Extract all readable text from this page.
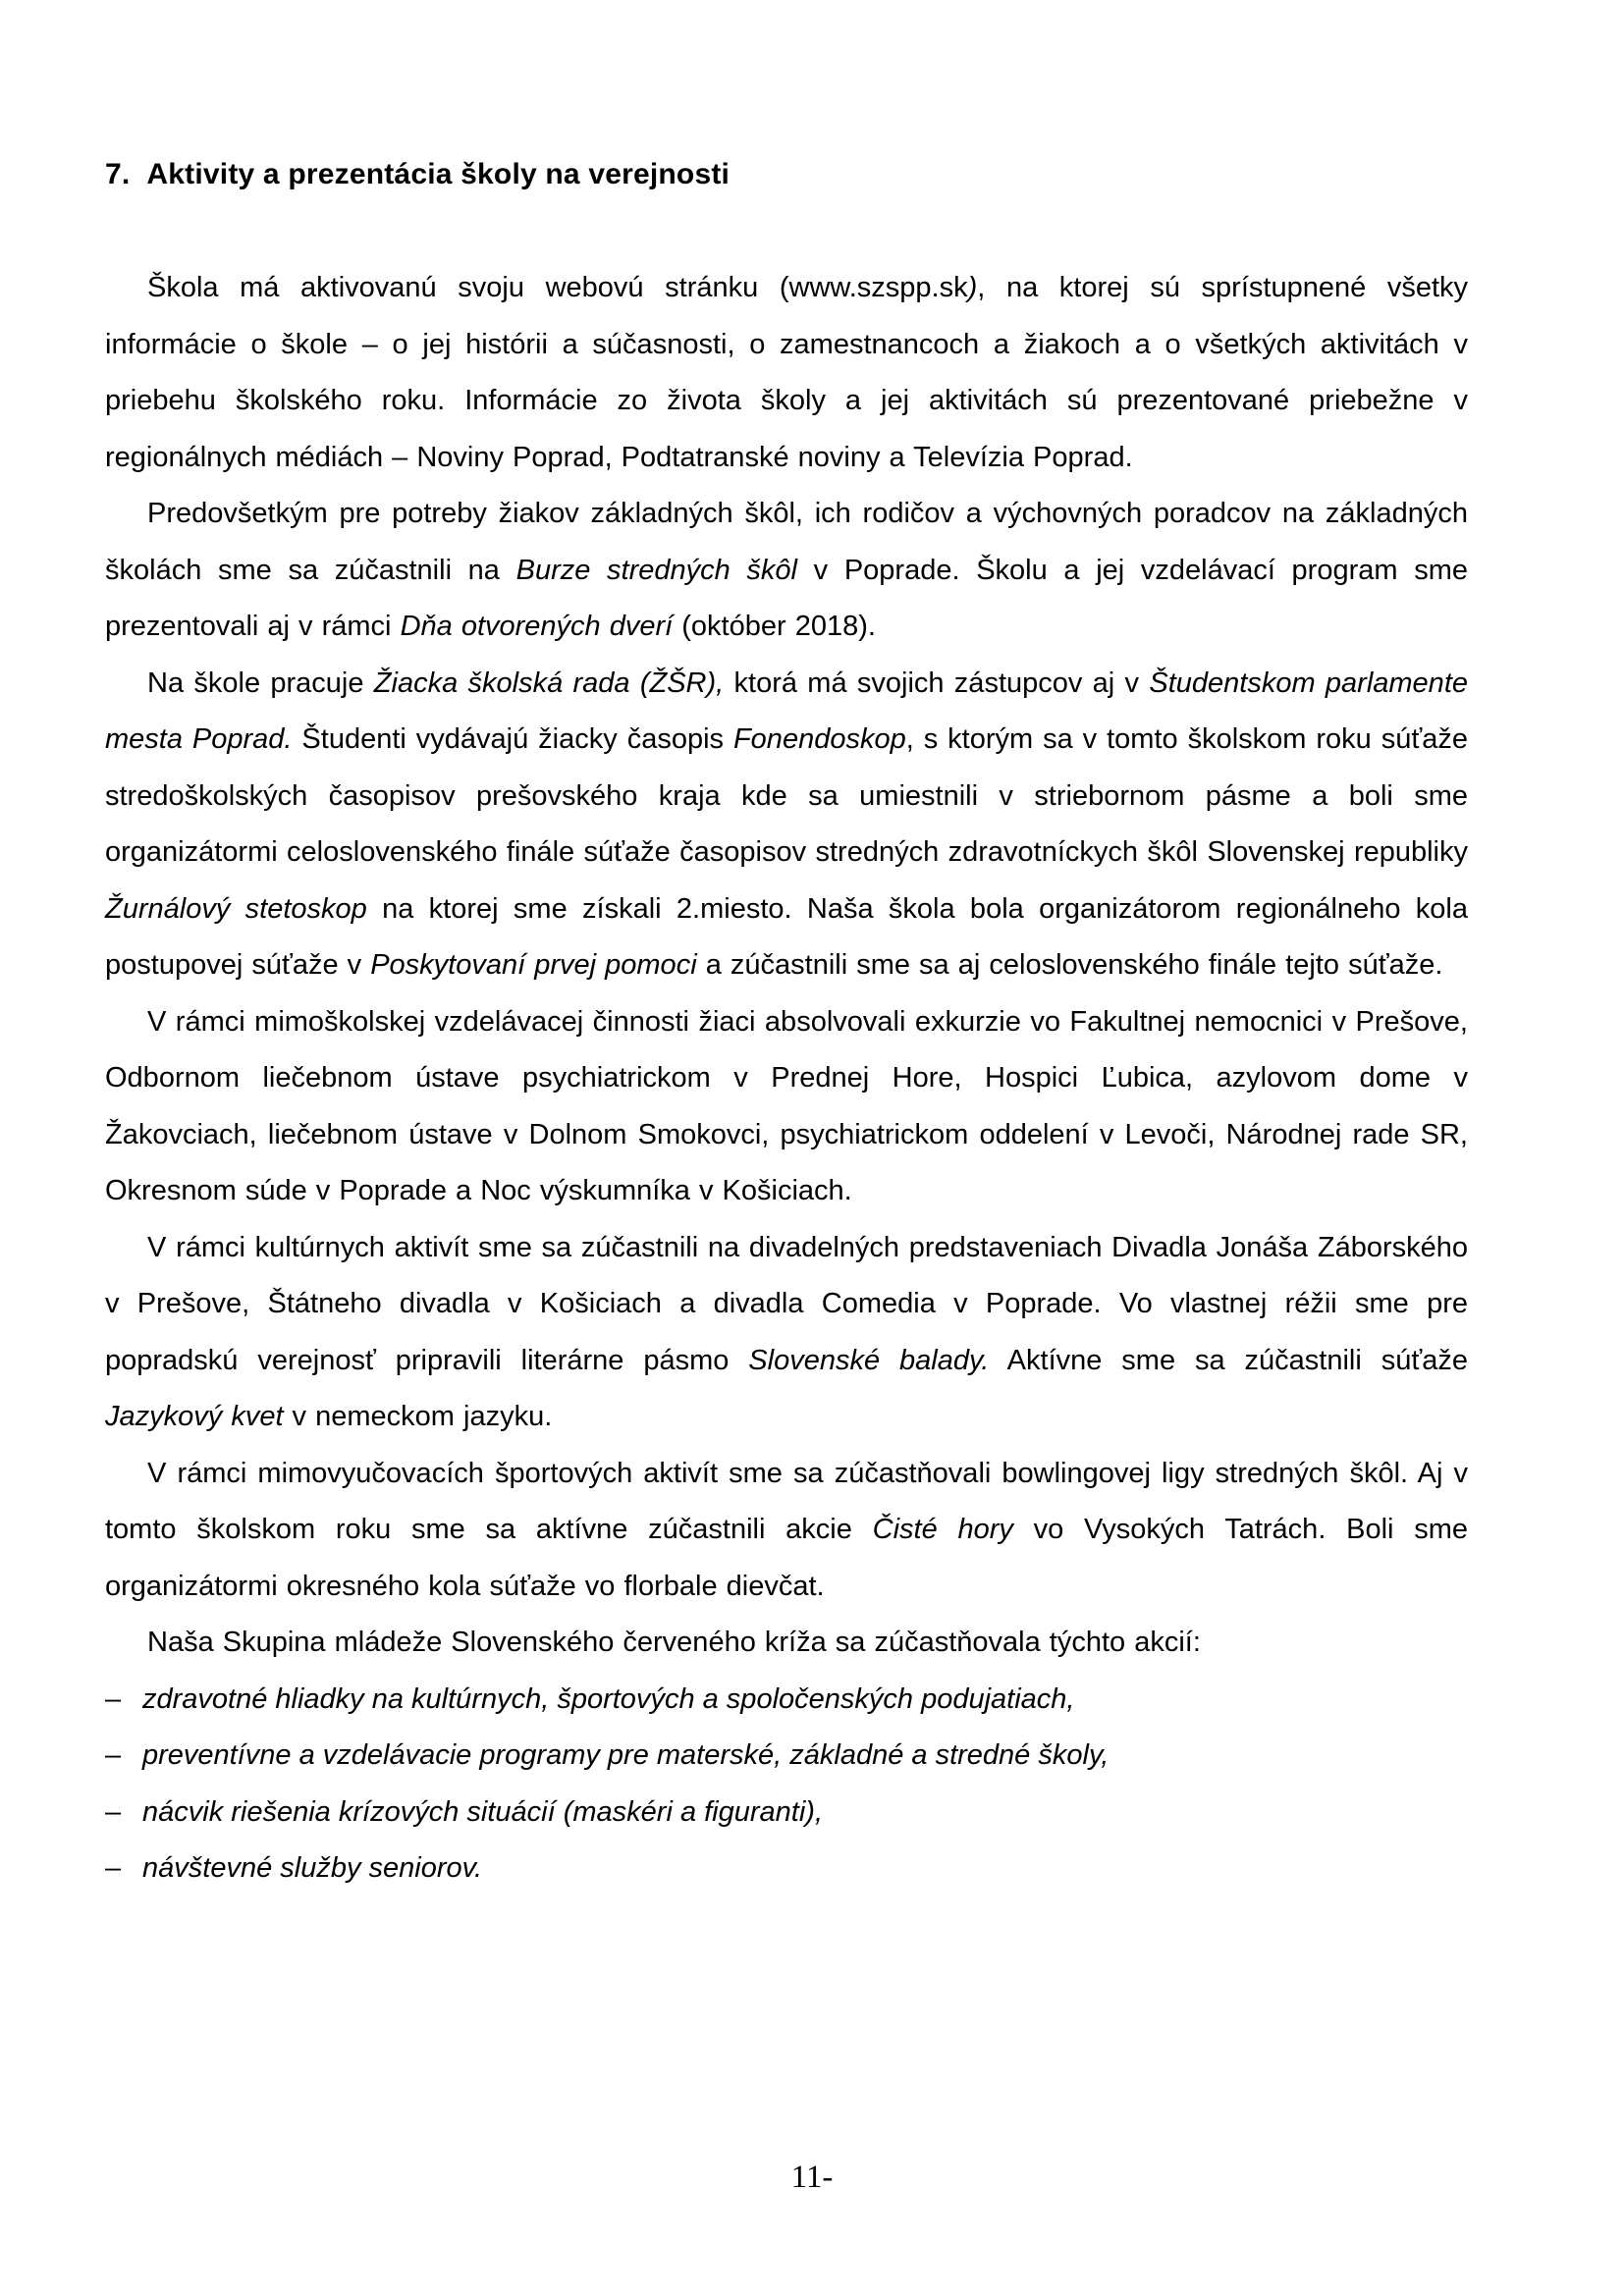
7. Aktivity a prezentácia školy na verejnosti

Škola má aktivovanú svoju webovú stránku (www.szspp.sk), na ktorej sú sprístupnené všetky informácie o škole – o jej histórii a súčasnosti, o zamestnancoch a žiakoch a o všetkých aktivitách v priebehu školského roku. Informácie zo života školy a jej aktivitách sú prezentované priebežne v regionálnych médiách – Noviny Poprad, Podtatranské noviny a Televízia Poprad.

Predovšetkým pre potreby žiakov základných škôl, ich rodičov a výchovných poradcov na základných školách sme sa zúčastnili na Burze stredných škôl v Poprade. Školu a jej vzdelávací program sme prezentovali aj v rámci Dňa otvorených dverí (október 2018).

Na škole pracuje Žiacka školská rada (ŽŠR), ktorá má svojich zástupcov aj v Študentskom parlamente mesta Poprad. Študenti vydávajú žiacky časopis Fonendoskop, s ktorým sa v tomto školskom roku súťaže stredoškolských časopisov prešovského kraja kde sa umiestnili v striebornom pásme a boli sme organizátormi celoslovenského finále súťaže časopisov stredných zdravotníckych škôl Slovenskej republiky Žurnálový stetoskop na ktorej sme získali 2.miesto. Naša škola bola organizátorom regionálneho kola postupovej súťaže v Poskytovaní prvej pomoci a zúčastnili sme sa aj celoslovenského finále tejto súťaže.

V rámci mimoškolskej vzdelávacej činnosti žiaci absolvovali exkurzie vo Fakultnej nemocnici v Prešove, Odbornom liečebnom ústave psychiatrickom v Prednej Hore, Hospici Ľubica, azylovom dome v Žakovciach, liečebnom ústave v Dolnom Smokovci, psychiatrickom oddelení v Levoči, Národnej rade SR, Okresnom súde v Poprade a Noc výskumníka v Košiciach.

V rámci kultúrnych aktivít sme sa zúčastnili na divadelných predstaveniach Divadla Jonáša Záborského v Prešove, Štátneho divadla v Košiciach a divadla Comedia v Poprade. Vo vlastnej réžii sme pre popradskú verejnosť pripravili literárne pásmo Slovenské balady. Aktívne sme sa zúčastnili súťaže Jazykový kvet v nemeckom jazyku.

V rámci mimovyučovacích športových aktivít sme sa zúčastňovali bowlingovej ligy stredných škôl. Aj v tomto školskom roku sme sa aktívne zúčastnili akcie Čisté hory vo Vysokých Tatrách. Boli sme organizátormi okresného kola súťaže vo florbale dievčat.

Naša Skupina mládeže Slovenského červeného kríža sa zúčastňovala týchto akcií:

– zdravotné hliadky na kultúrnych, športových a spoločenských podujatiach,
– preventívne a vzdelávacie programy pre materské, základné a stredné školy,
– nácvik riešenia krízových situácií (maskéri a figuranti),
– návštevné služby seniorov.
11-
